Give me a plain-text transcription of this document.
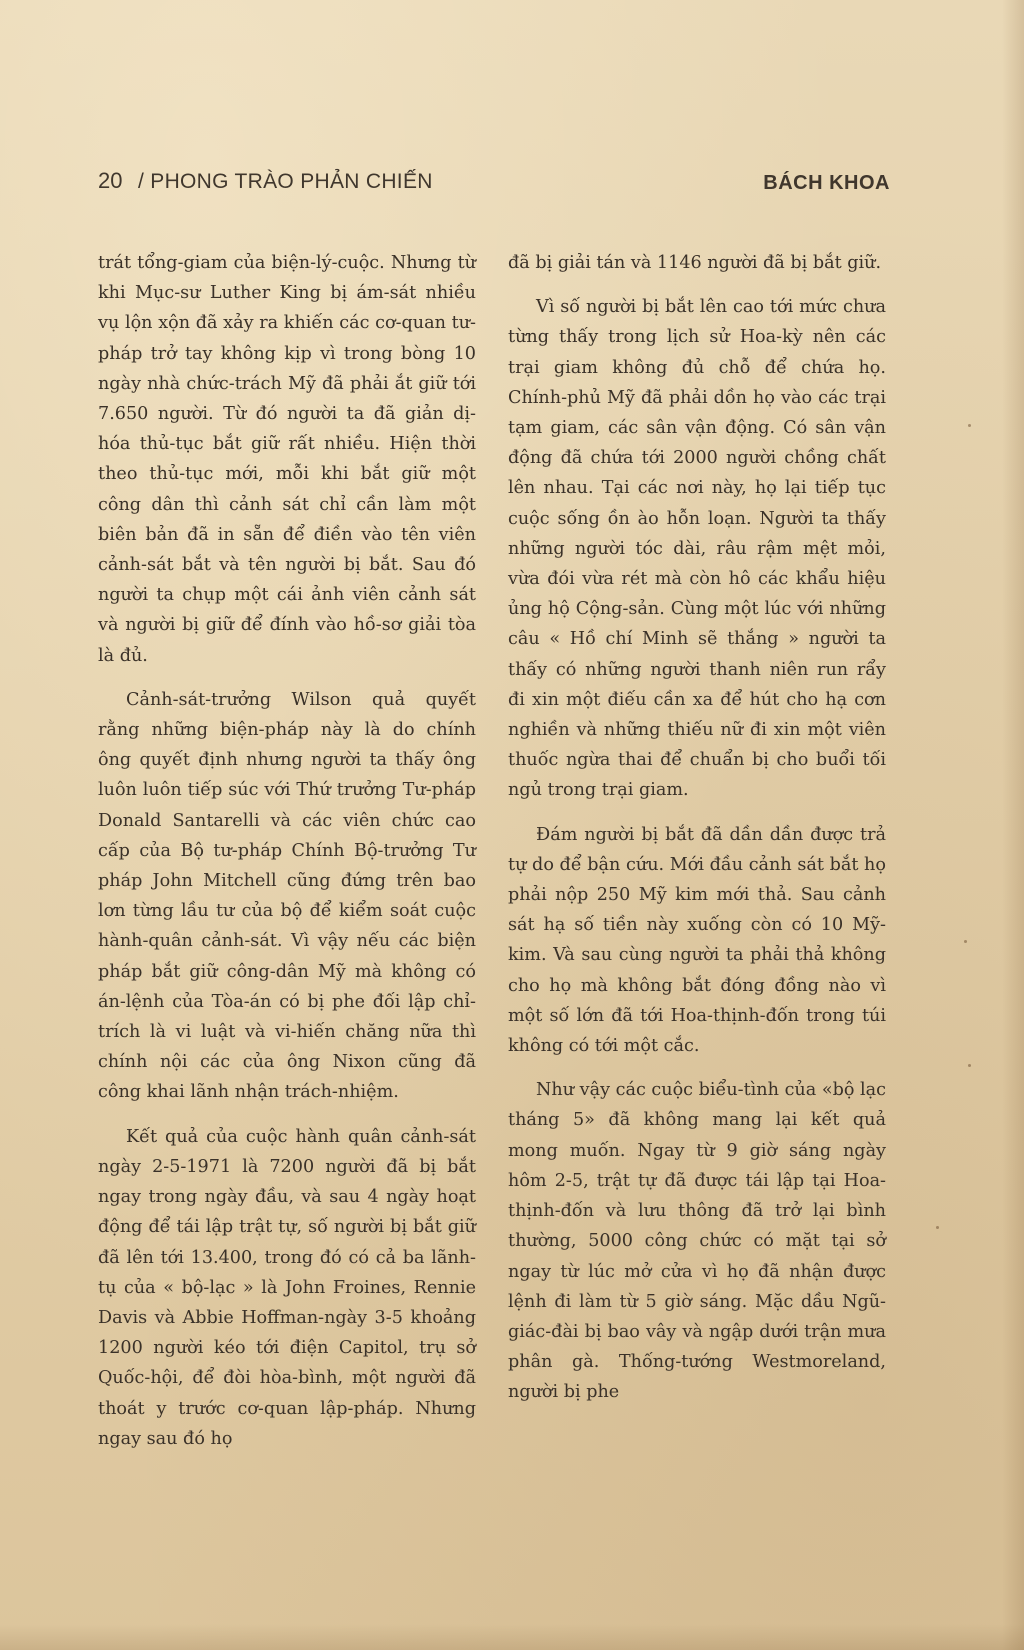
20 / PHONG TRÀO PHẢN CHIẾN	BÁCH KHOA

trát tổng-giam của biện-lý-cuộc. Nhưng từ khi Mục-sư Luther King bị ám-sát nhiều vụ lộn xộn đã xảy ra khiến các cơ-quan tư-pháp trở tay không kịp vì trong bòng 10 ngày nhà chức-trách Mỹ đã phải ắt giữ tới 7.650 người. Từ đó người ta đã giản dị-hóa thủ-tục bắt giữ rất nhiều. Hiện thời theo thủ-tục mới, mỗi khi bắt giữ một công dân thì cảnh sát chỉ cần làm một biên bản đã in sẵn để điền vào tên viên cảnh-sát bắt và tên người bị bắt. Sau đó người ta chụp một cái ảnh viên cảnh sát và người bị giữ để đính vào hồ-sơ giải tòa là đủ.

Cảnh-sát-trưởng Wilson quả quyết rằng những biện-pháp này là do chính ông quyết định nhưng người ta thấy ông luôn luôn tiếp súc với Thứ trưởng Tư-pháp Donald Santarelli và các viên chức cao cấp của Bộ tư-pháp Chính Bộ-trưởng Tư pháp John Mitchell cũng đứng trên bao lơn từng lầu tư của bộ để kiểm soát cuộc hành-quân cảnh-sát. Vì vậy nếu các biện pháp bắt giữ công-dân Mỹ mà không có án-lệnh của Tòa-án có bị phe đối lập chỉ-trích là vi luật và vi-hiến chăng nữa thì chính nội các của ông Nixon cũng đã công khai lãnh nhận trách-nhiệm.

Kết quả của cuộc hành quân cảnh-sát ngày 2-5-1971 là 7200 người đã bị bắt ngay trong ngày đầu, và sau 4 ngày hoạt động để tái lập trật tự, số người bị bắt giữ đã lên tới 13.400, trong đó có cả ba lãnh-tụ của « bộ-lạc » là John Froines, Rennie Davis và Abbie Hoffman-ngày 3-5 khoảng 1200 người kéo tới điện Capitol, trụ sở Quốc-hội, để đòi hòa-bình, một người đã thoát y trước cơ-quan lập-pháp. Nhưng ngay sau đó họ

đã bị giải tán và 1146 người đã bị bắt giữ.

Vì số người bị bắt lên cao tới mức chưa từng thấy trong lịch sử Hoa-kỳ nên các trại giam không đủ chỗ để chứa họ. Chính-phủ Mỹ đã phải dồn họ vào các trại tạm giam, các sân vận động. Có sân vận động đã chứa tới 2000 người chồng chất lên nhau. Tại các nơi này, họ lại tiếp tục cuộc sống ồn ào hỗn loạn. Người ta thấy những người tóc dài, râu rậm mệt mỏi, vừa đói vừa rét mà còn hô các khẩu hiệu ủng hộ Cộng-sản. Cùng một lúc với những câu « Hồ chí Minh sẽ thắng » người ta thấy có những người thanh niên run rẩy đi xin một điếu cần xa để hút cho hạ cơn nghiền và những thiếu nữ đi xin một viên thuốc ngừa thai để chuẩn bị cho buổi tối ngủ trong trại giam.

Đám người bị bắt đã dần dần được trả tự do để bận cứu. Mới đầu cảnh sát bắt họ phải nộp 250 Mỹ kim mới thả. Sau cảnh sát hạ số tiền này xuống còn có 10 Mỹ-kim. Và sau cùng người ta phải thả không cho họ mà không bắt đóng đồng nào vì một số lớn đã tới Hoa-thịnh-đốn trong túi không có tới một cắc.

Như vậy các cuộc biểu-tình của «bộ lạc tháng 5» đã không mang lại kết quả mong muốn. Ngay từ 9 giờ sáng ngày hôm 2-5, trật tự đã được tái lập tại Hoa-thịnh-đốn và lưu thông đã trở lại bình thường, 5000 công chức có mặt tại sở ngay từ lúc mở cửa vì họ đã nhận được lệnh đi làm từ 5 giờ sáng. Mặc dầu Ngũ-giác-đài bị bao vây và ngập dưới trận mưa phân gà. Thống-tướng Westmoreland, người bị phe
